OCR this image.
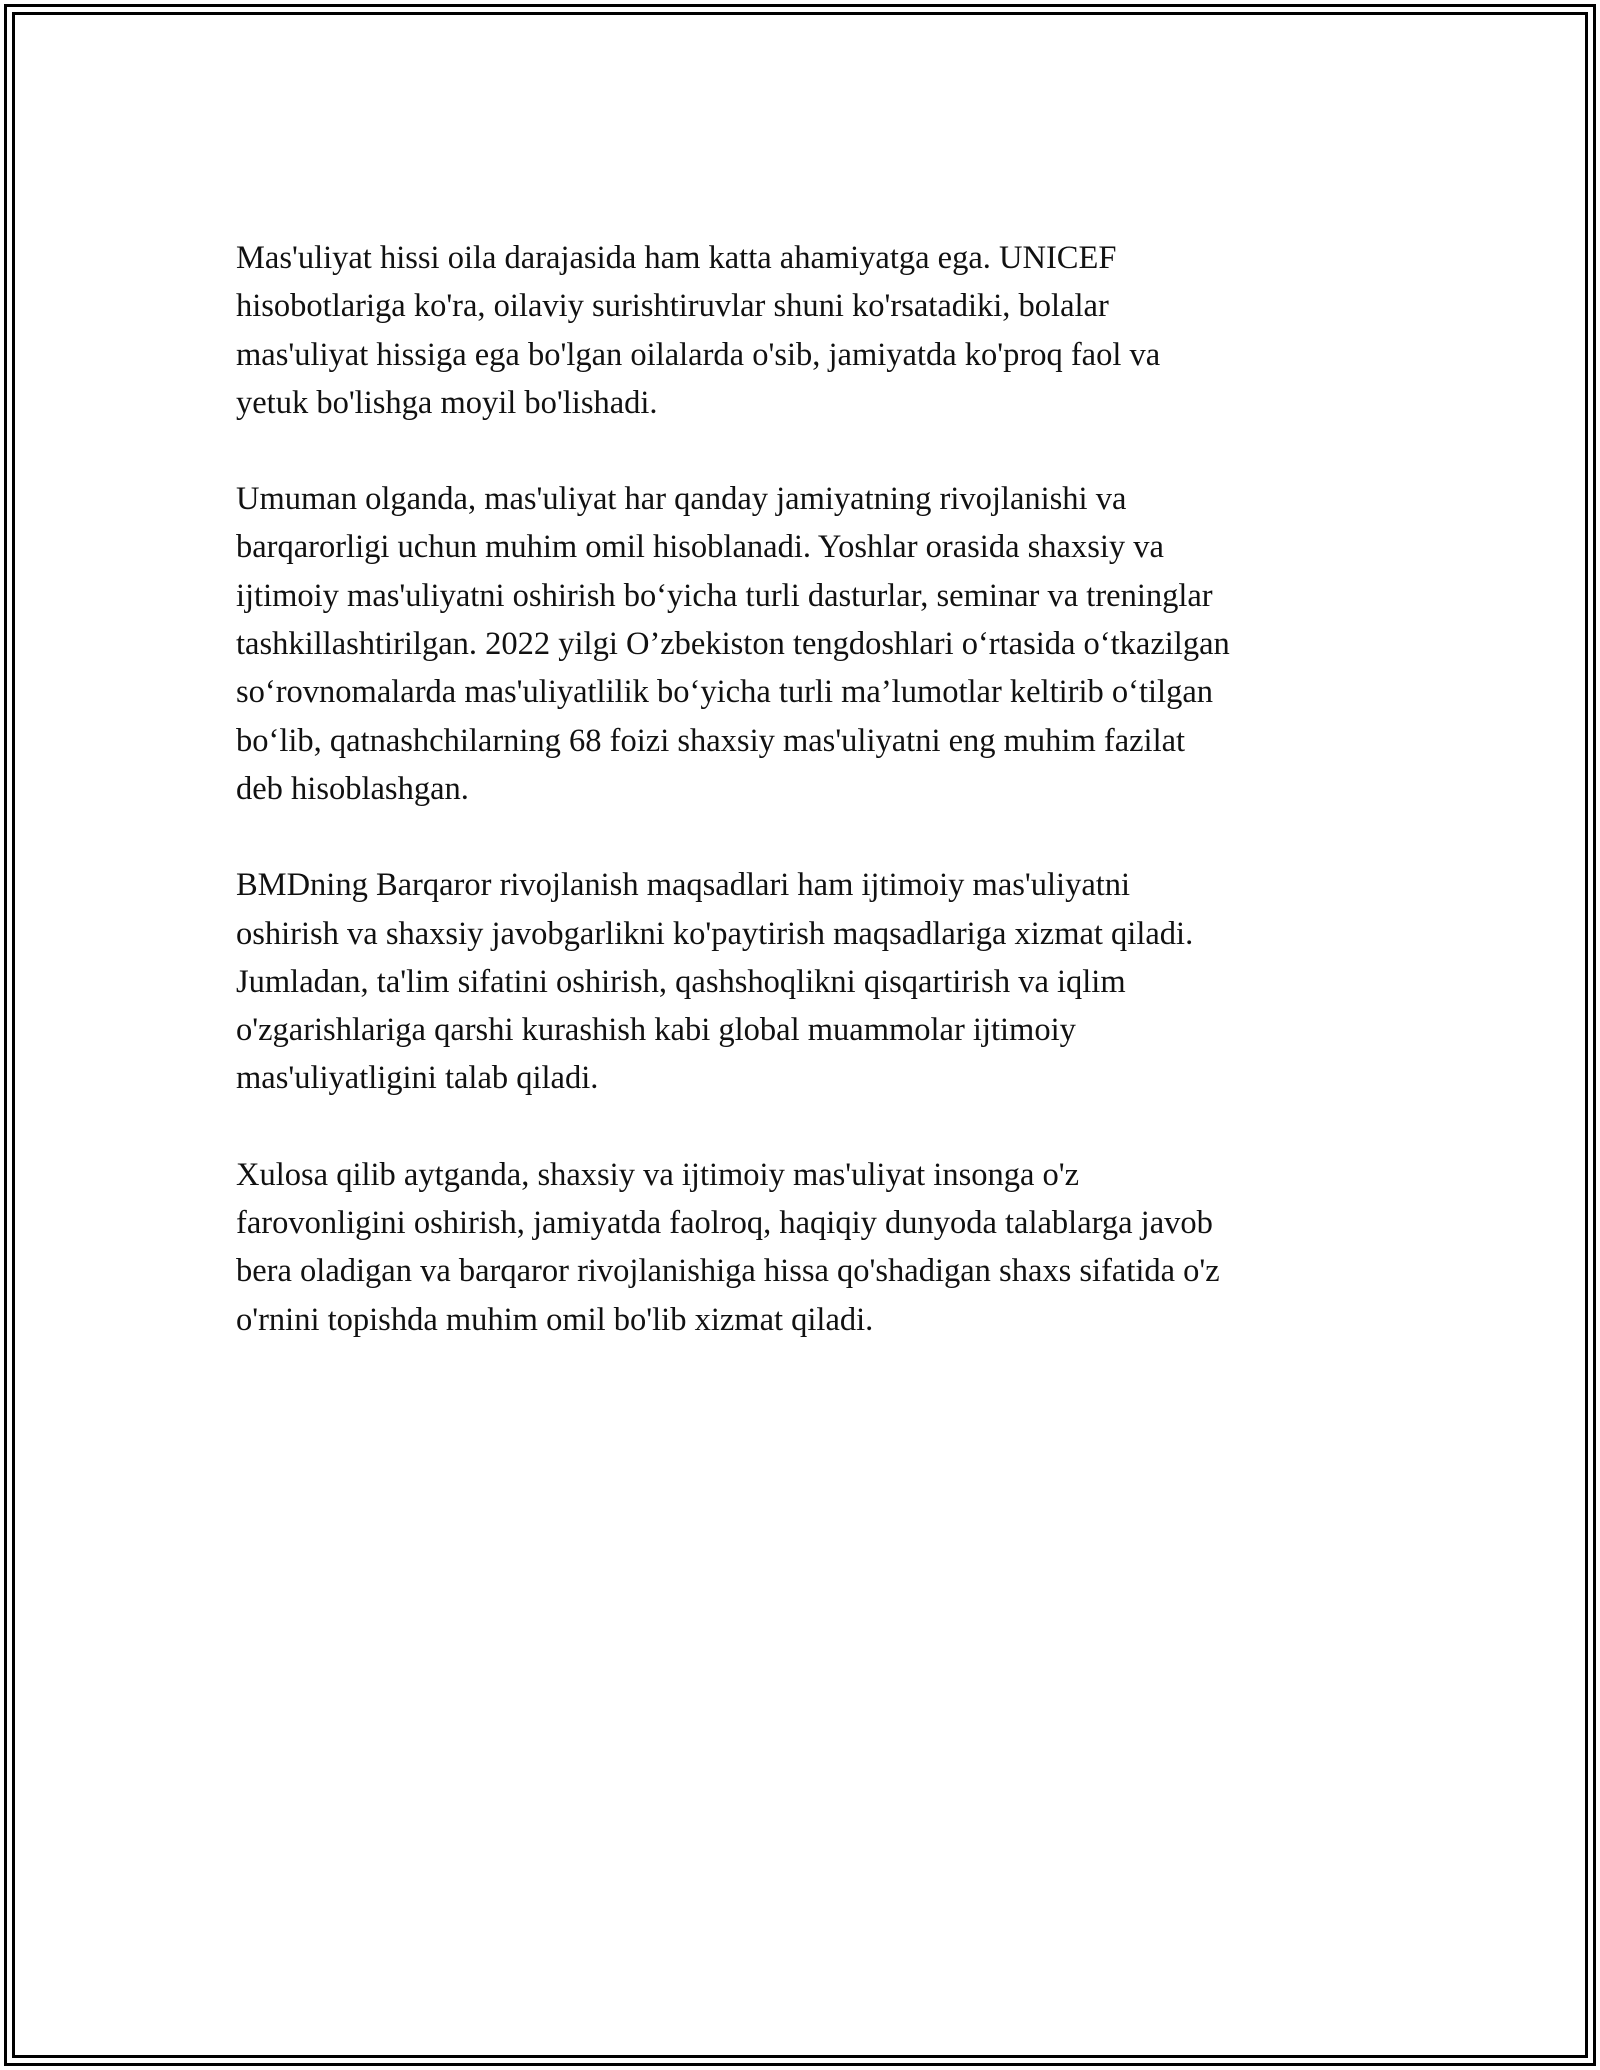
Mas'uliyat hissi oila darajasida ham katta ahamiyatga ega. UNICEF
hisobotlariga ko'ra, oilaviy surishtiruvlar shuni ko'rsatadiki, bolalar
mas'uliyat hissiga ega bo'lgan oilalarda o'sib, jamiyatda ko'proq faol va
yetuk bo'lishga moyil bo'lishadi.

Umuman olganda, mas'uliyat har qanday jamiyatning rivojlanishi va
barqarorligi uchun muhim omil hisoblanadi. Yoshlar orasida shaxsiy va
ijtimoiy mas'uliyatni oshirish bo‘yicha turli dasturlar, seminar va treninglar
tashkillashtirilgan. 2022 yilgi O’zbekiston tengdoshlari o‘rtasida o‘tkazilgan
so‘rovnomalarda mas'uliyatlilik bo‘yicha turli ma’lumotlar keltirib o‘tilgan
bo‘lib, qatnashchilarning 68 foizi shaxsiy mas'uliyatni eng muhim fazilat
deb hisoblashgan.

BMDning Barqaror rivojlanish maqsadlari ham ijtimoiy mas'uliyatni
oshirish va shaxsiy javobgarlikni ko'paytirish maqsadlariga xizmat qiladi.
Jumladan, ta'lim sifatini oshirish, qashshoqlikni qisqartirish va iqlim
o'zgarishlariga qarshi kurashish kabi global muammolar ijtimoiy
mas'uliyatligini talab qiladi.

Xulosa qilib aytganda, shaxsiy va ijtimoiy mas'uliyat insonga o'z
farovonligini oshirish, jamiyatda faolroq, haqiqiy dunyoda talablarga javob
bera oladigan va barqaror rivojlanishiga hissa qo'shadigan shaxs sifatida o'z
o'rnini topishda muhim omil bo'lib xizmat qiladi.
